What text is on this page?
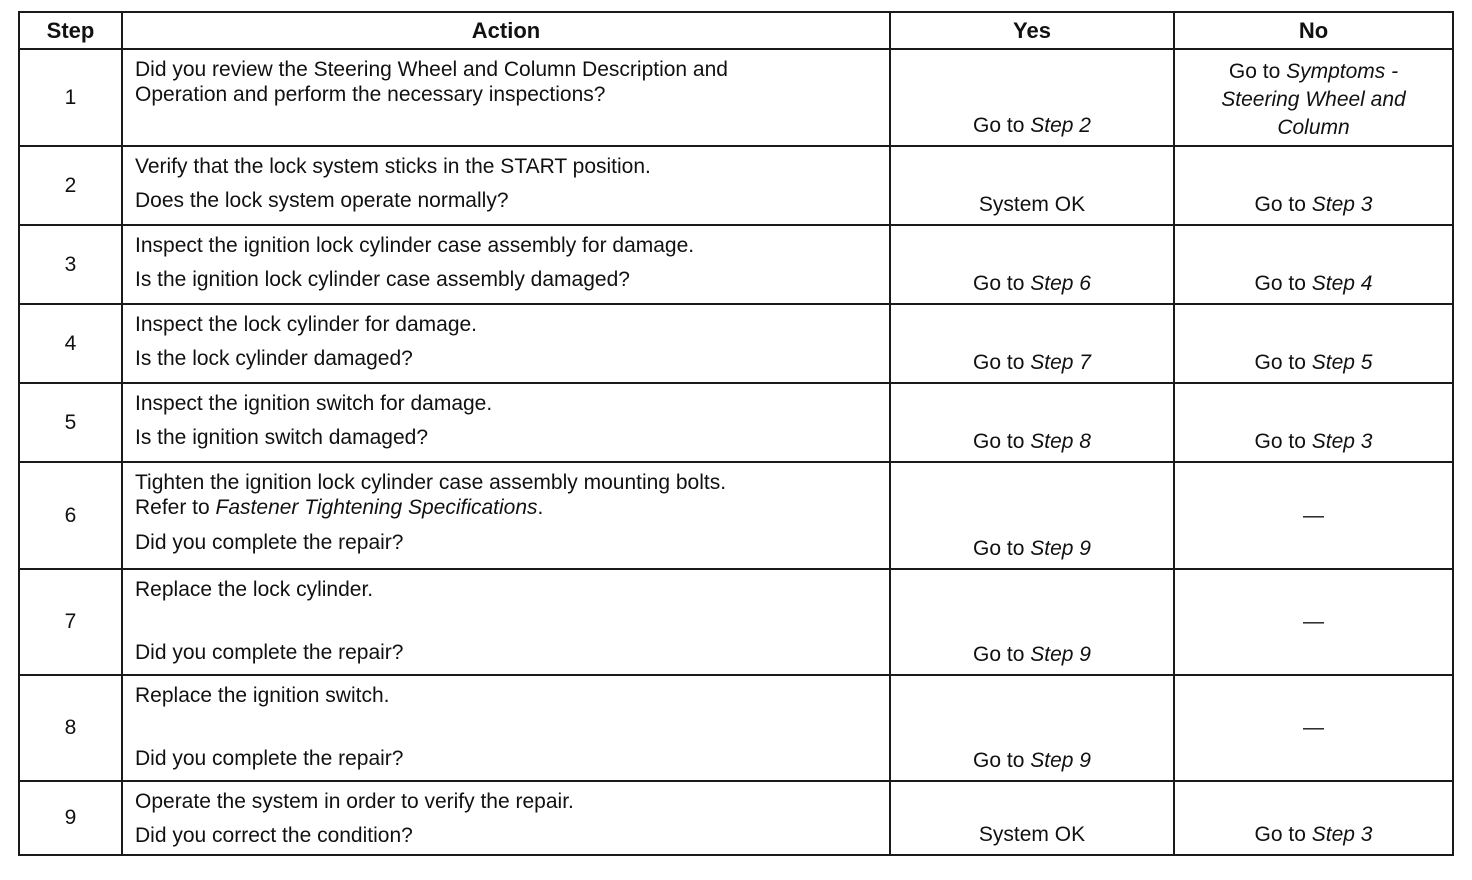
Step	Action	Yes	No
1	Did you review the Steering Wheel and Column Description and
Operation and perform the necessary inspections?	Go to Step 2	Go to Symptoms -
Steering Wheel and
Column
2	Verify that the lock system sticks in the START position.
Does the lock system operate normally?	System OK	Go to Step 3
3	Inspect the ignition lock cylinder case assembly for damage.
Is the ignition lock cylinder case assembly damaged?	Go to Step 6	Go to Step 4
4	Inspect the lock cylinder for damage.
Is the lock cylinder damaged?	Go to Step 7	Go to Step 5
5	Inspect the ignition switch for damage.
Is the ignition switch damaged?	Go to Step 8	Go to Step 3
6	Tighten the ignition lock cylinder case assembly mounting bolts.
Refer to Fastener Tightening Specifications.
Did you complete the repair?	Go to Step 9	—
7	Replace the lock cylinder.
Did you complete the repair?	Go to Step 9	—
8	Replace the ignition switch.
Did you complete the repair?	Go to Step 9	—
9	Operate the system in order to verify the repair.
Did you correct the condition?	System OK	Go to Step 3
